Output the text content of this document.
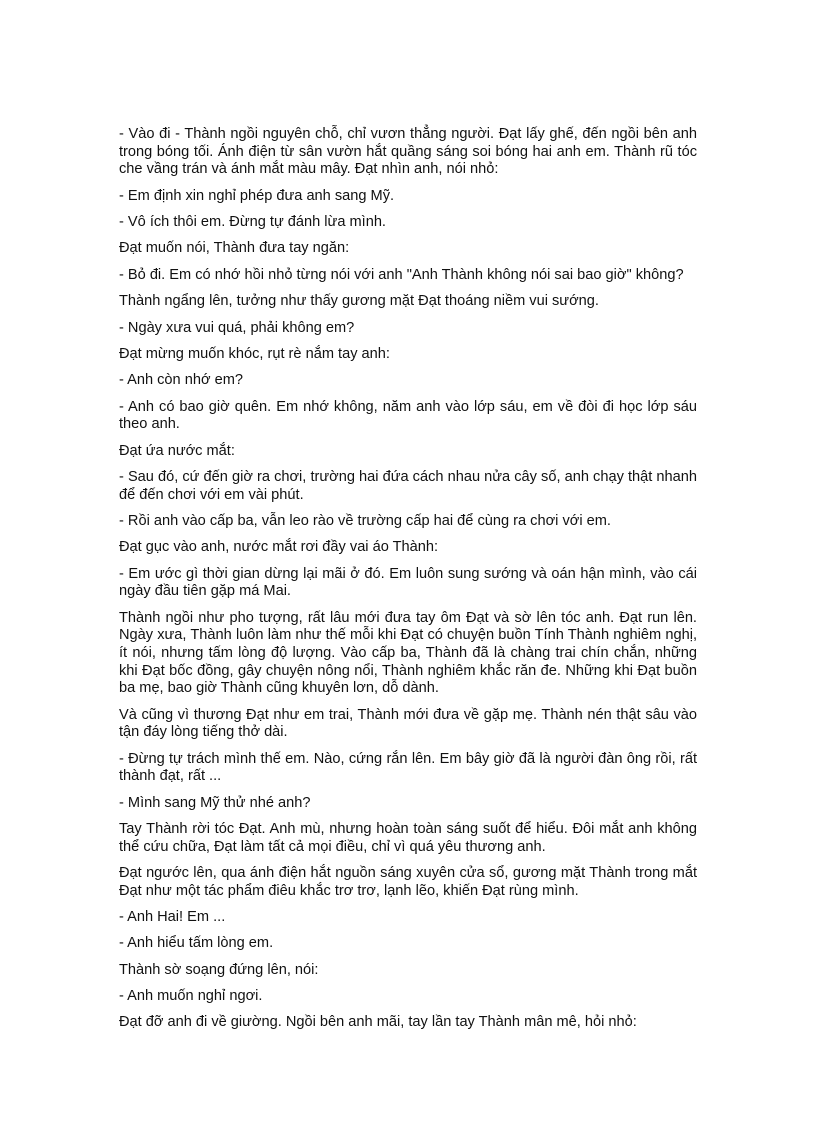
- Vào đi - Thành ngồi nguyên chỗ, chỉ vươn thẳng người. Đạt lấy ghế, đến ngồi bên anh trong bóng tối. Ánh điện từ sân vườn hắt quầng sáng soi bóng hai anh em. Thành rũ tóc che vầng trán và ánh mắt màu mây. Đạt nhìn anh, nói nhỏ:

- Em định xin nghỉ phép đưa anh sang Mỹ.

- Vô ích thôi em. Đừng tự đánh lừa mình.

Đạt muốn nói, Thành đưa tay ngăn:

- Bỏ đi. Em có nhớ hồi nhỏ từng nói với anh "Anh Thành không nói sai bao giờ" không?

Thành ngẩng lên, tưởng như thấy gương mặt Đạt thoáng niềm vui sướng.

- Ngày xưa vui quá, phải không em?

Đạt mừng muốn khóc, rụt rè nắm tay anh:

- Anh còn nhớ em?

- Anh có bao giờ quên. Em nhớ không, năm anh vào lớp sáu, em về đòi đi học lớp sáu theo anh.

Đạt ứa nước mắt:

- Sau đó, cứ đến giờ ra chơi, trường hai đứa cách nhau nửa cây số, anh chạy thật nhanh để đến chơi với em vài phút.

- Rồi anh vào cấp ba, vẫn leo rào về trường cấp hai để cùng ra chơi với em.

Đạt gục vào anh, nước mắt rơi đầy vai áo Thành:

- Em ước gì thời gian dừng lại mãi ở đó. Em luôn sung sướng và oán hận mình, vào cái ngày đầu tiên gặp má Mai.

Thành ngồi như pho tượng, rất lâu mới đưa tay ôm Đạt và sờ lên tóc anh. Đạt run lên. Ngày xưa, Thành luôn làm như thế mỗi khi Đạt có chuyện buồn Tính Thành nghiêm nghị, ít nói, nhưng tấm lòng độ lượng. Vào cấp ba, Thành đã là chàng trai chín chắn, những khi Đạt bốc đồng, gây chuyện nông nổi, Thành nghiêm khắc răn đe. Những khi Đạt buồn ba mẹ, bao giờ Thành cũng khuyên lơn, dỗ dành.

Và cũng vì thương Đạt như em trai, Thành mới đưa về gặp mẹ. Thành nén thật sâu vào tận đáy lòng tiếng thở dài.

- Đừng tự trách mình thế em. Nào, cứng rắn lên. Em bây giờ đã là người đàn ông rồi, rất thành đạt, rất ...

- Mình sang Mỹ thử nhé anh?

Tay Thành rời tóc Đạt. Anh mù, nhưng hoàn toàn sáng suốt để hiểu. Đôi mắt anh không thể cứu chữa, Đạt làm tất cả mọi điều, chỉ vì quá yêu thương anh.

Đạt ngước lên, qua ánh điện hắt nguồn sáng xuyên cửa sổ, gương mặt Thành trong mắt Đạt như một tác phẩm điêu khắc trơ trơ, lạnh lẽo, khiến Đạt rùng mình.

- Anh Hai! Em ...

- Anh hiểu tấm lòng em.

Thành sờ soạng đứng lên, nói:

- Anh muốn nghỉ ngơi.

Đạt đỡ anh đi về giường. Ngồi bên anh mãi, tay lần tay Thành mân mê, hỏi nhỏ:
